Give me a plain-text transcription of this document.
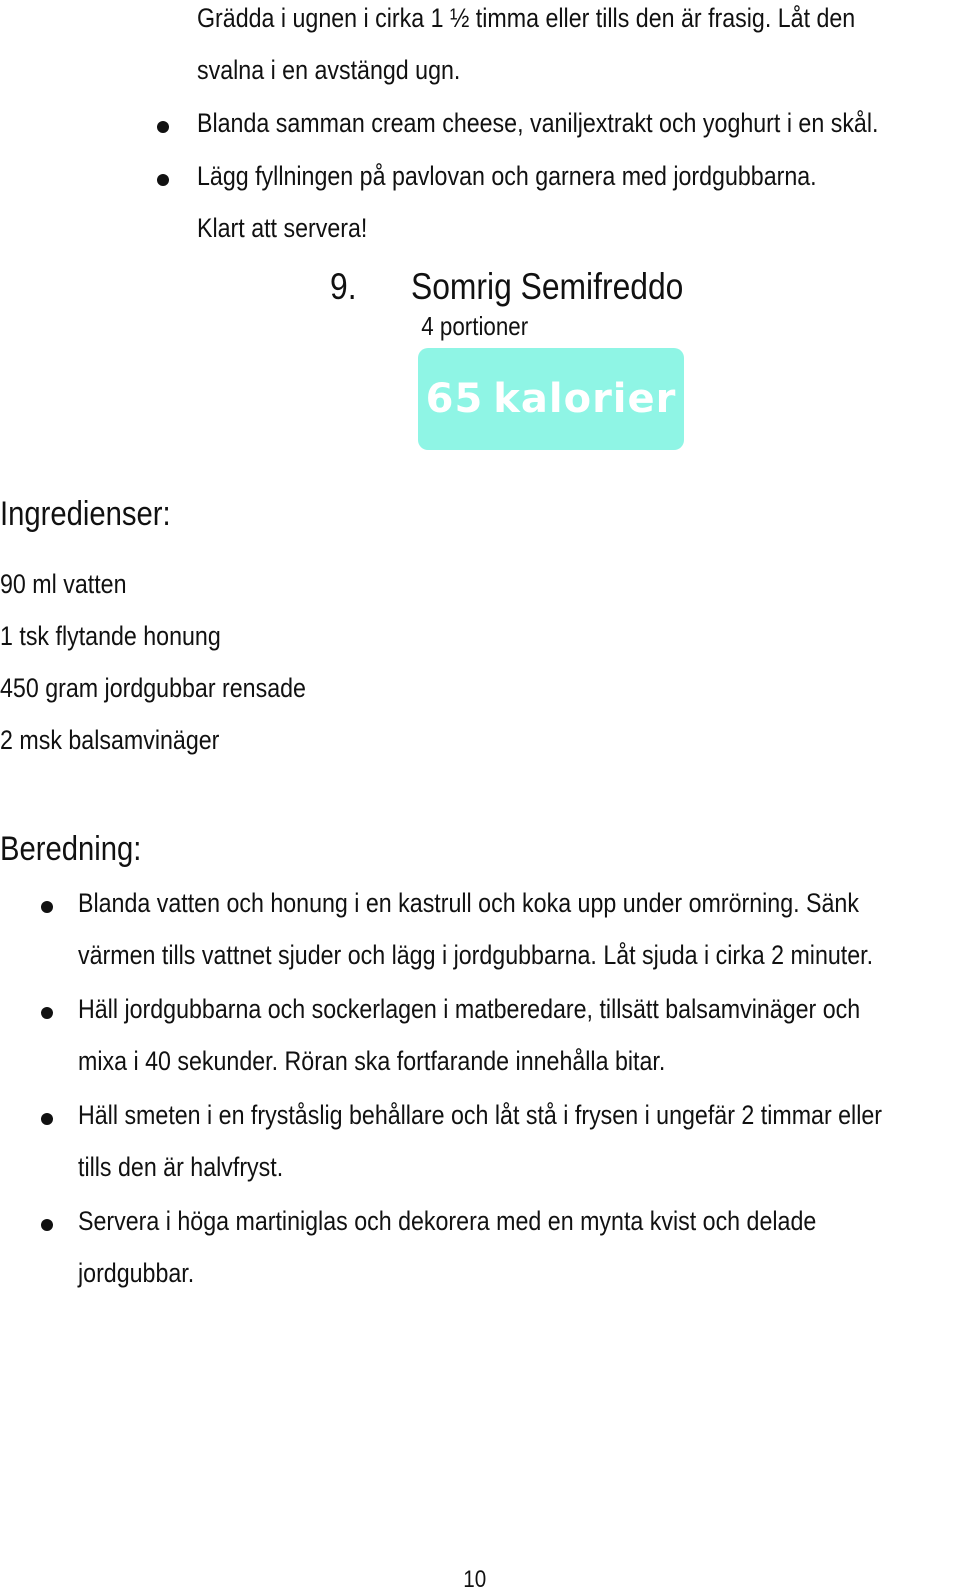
Grädda i ugnen i cirka 1 ½ timma eller tills den är frasig. Låt den
svalna i en avstängd ugn.
Blanda samman cream cheese, vaniljextrakt och yoghurt i en skål.
Lägg fyllningen på pavlovan och garnera med jordgubbarna.
Klart att servera!
9. Somrig Semifreddo
4 portioner
65 kalorier
Ingredienser:
90 ml vatten
1 tsk flytande honung
450 gram jordgubbar rensade
2 msk balsamvinäger
Beredning:
Blanda vatten och honung i en kastrull och koka upp under omrörning. Sänk
värmen tills vattnet sjuder och lägg i jordgubbarna. Låt sjuda i cirka 2 minuter.
Häll jordgubbarna och sockerlagen i matberedare, tillsätt balsamvinäger och
mixa i 40 sekunder. Röran ska fortfarande innehålla bitar.
Häll smeten i en fryståslig behållare och låt stå i frysen i ungefär 2 timmar eller
tills den är halvfryst.
Servera i höga martiniglas och dekorera med en mynta kvist och delade
jordgubbar.
10
